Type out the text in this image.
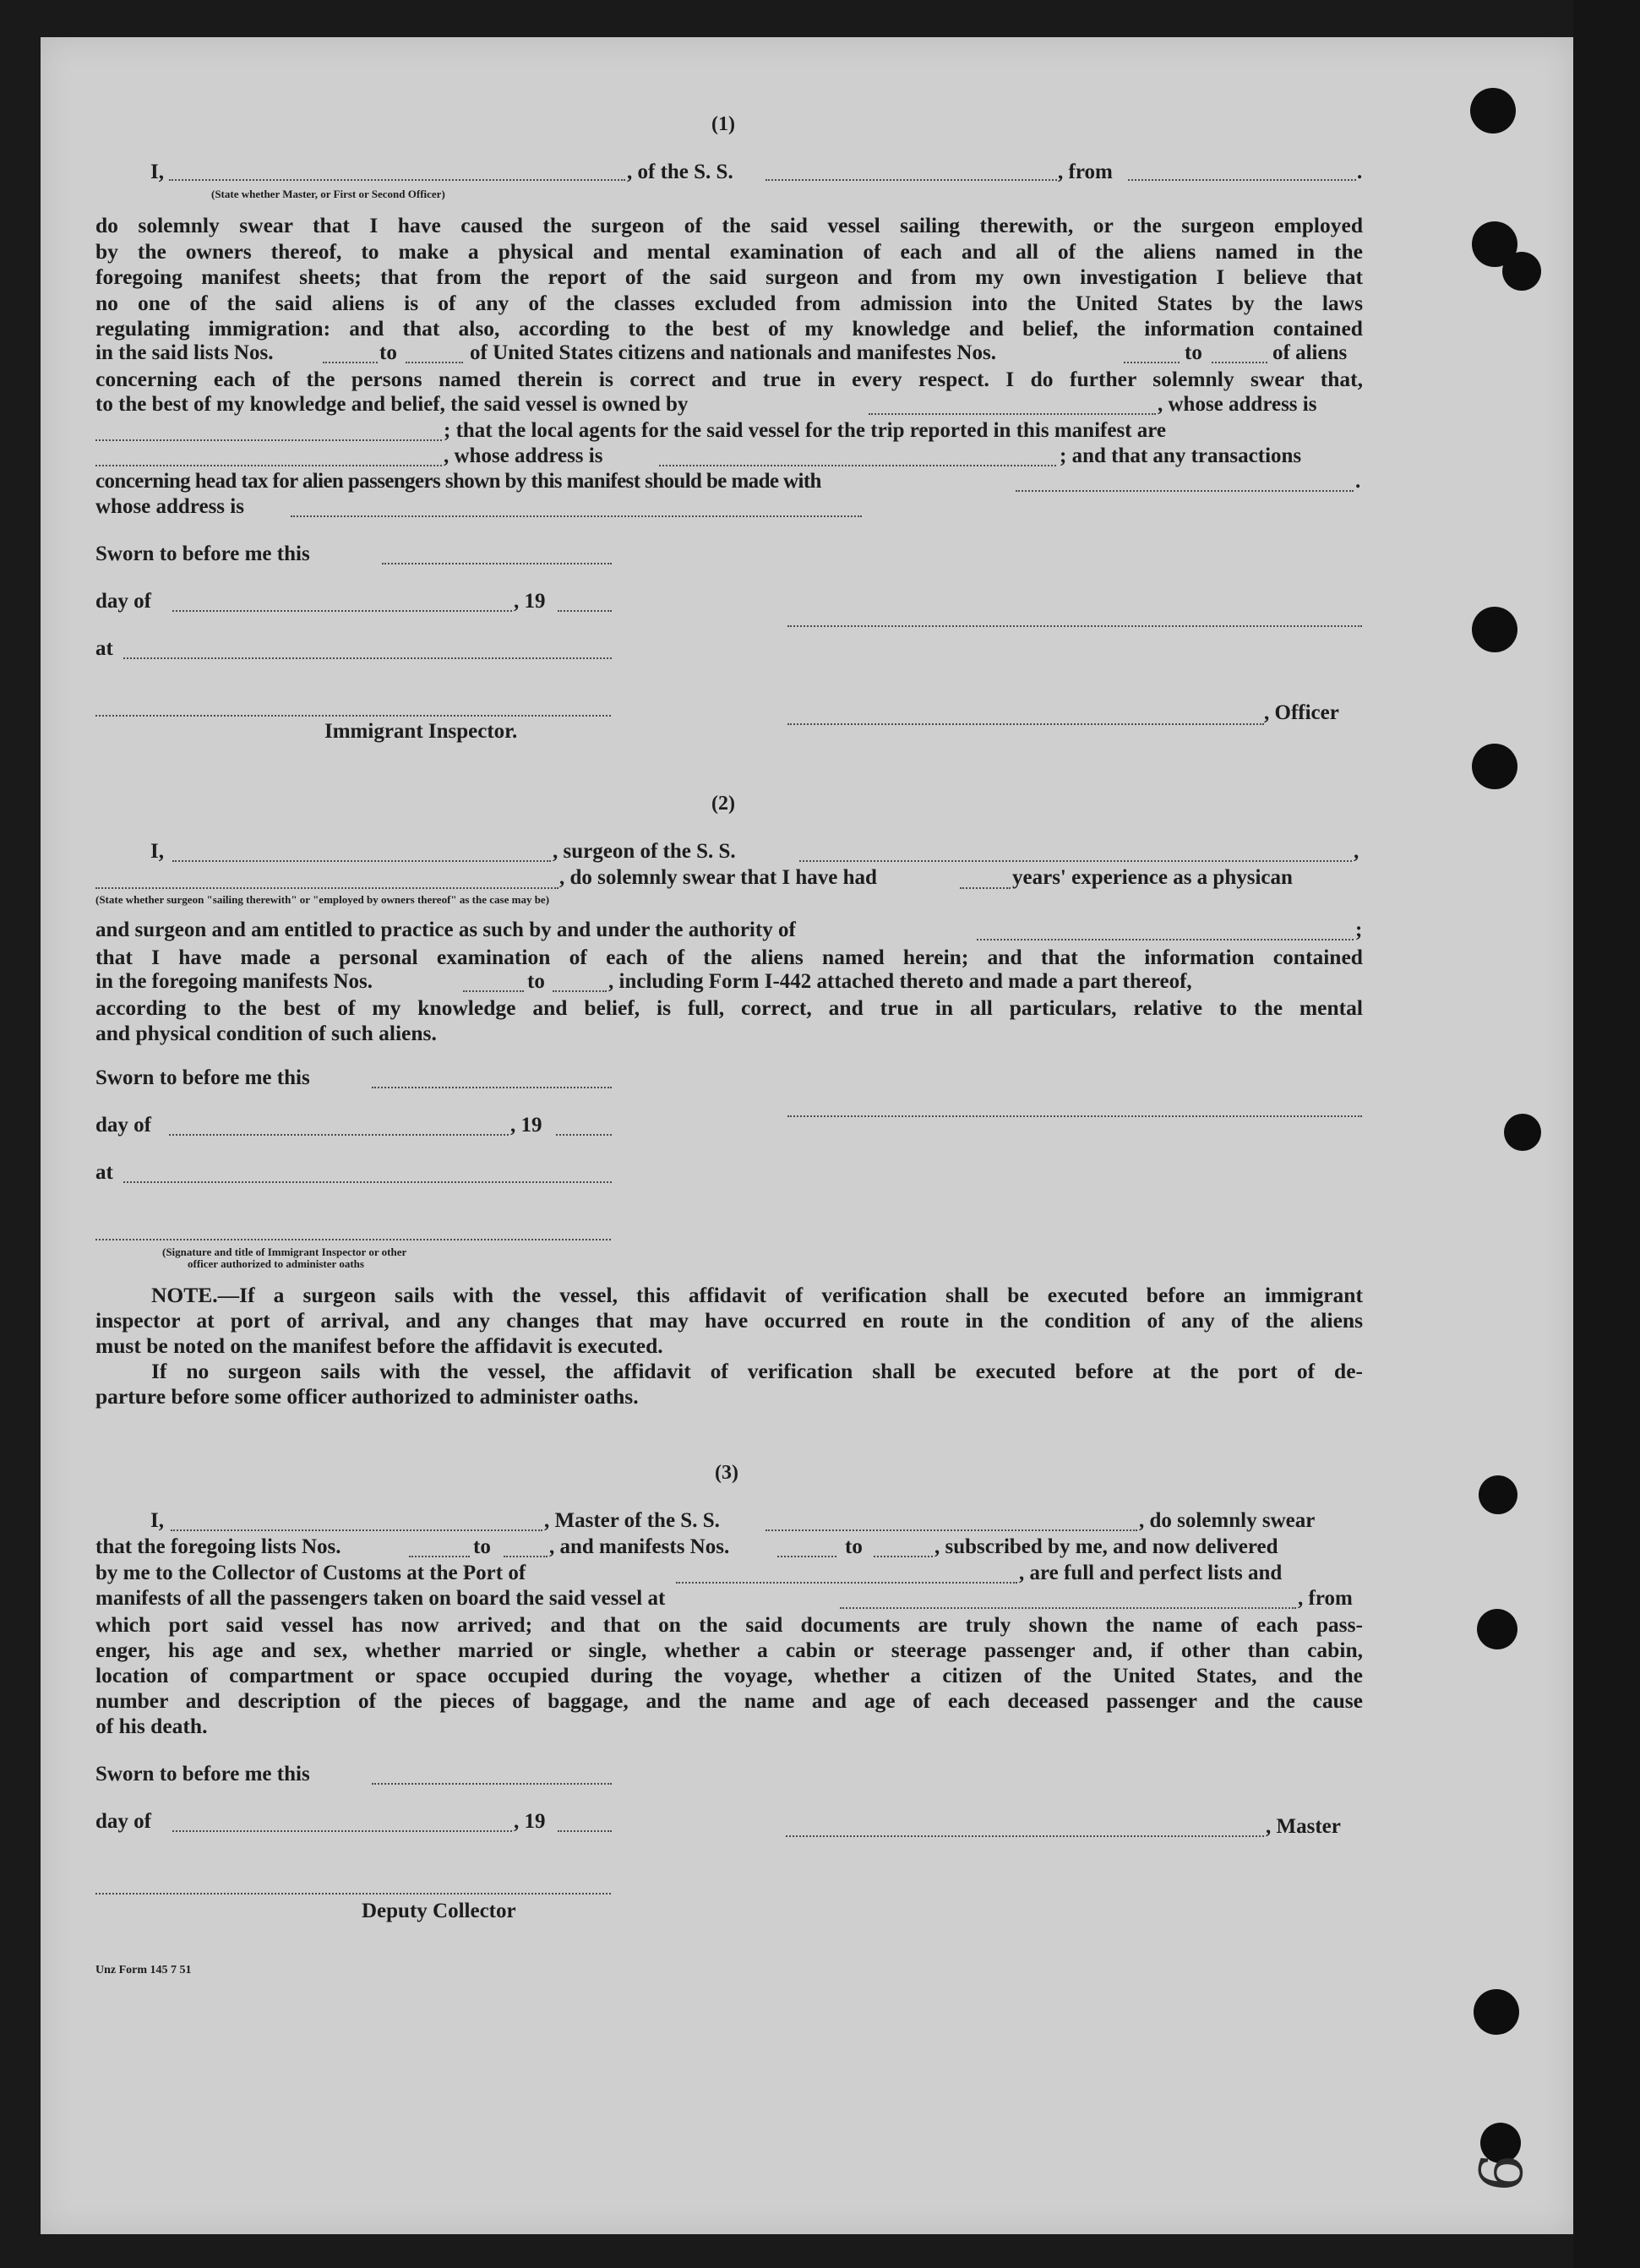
(1)
I,	, of the S. S.	, from	.
(State whether Master, or First or Second Officer)
do solemnly swear that I have caused the surgeon of the said vessel sailing therewith, or the surgeon employed
by the owners thereof, to make a physical and mental examination of each and all of the aliens named in the
foregoing manifest sheets; that from the report of the said surgeon and from my own investigation I believe that
no one of the said aliens is of any of the classes excluded from admission into the United States by the laws
regulating immigration: and that also, according to the best of my knowledge and belief, the information contained
in the said lists Nos.	to	of United States citizens and nationals and manifestes Nos.	to	of aliens
concerning each of the persons named therein is correct and true in every respect. I do further solemnly swear that,
to the best of my knowledge and belief, the said vessel is owned by	, whose address is
; that the local agents for the said vessel for the trip reported in this manifest are
, whose address is	; and that any transactions
concerning head tax for alien passengers shown by this manifest should be made with	.
whose address is
Sworn to before me this
day of	, 19
at
, Officer
Immigrant Inspector.
(2)
I,	, surgeon of the S. S.	,
, do solemnly swear that I have had	years' experience as a physican
(State whether surgeon "sailing therewith" or "employed by owners thereof" as the case may be)
and surgeon and am entitled to practice as such by and under the authority of	;
that I have made a personal examination of each of the aliens named herein; and that the information contained
in the foregoing manifests Nos.	to	, including Form I-442 attached thereto and made a part thereof,
according to the best of my knowledge and belief, is full, correct, and true in all particulars, relative to the mental
and physical condition of such aliens.
Sworn to before me this
day of	, 19
at
(Signature and title of Immigrant Inspector or other
officer authorized to administer oaths
NOTE.—If a surgeon sails with the vessel, this affidavit of verification shall be executed before an immigrant
inspector at port of arrival, and any changes that may have occurred en route in the condition of any of the aliens
must be noted on the manifest before the affidavit is executed.
If no surgeon sails with the vessel, the affidavit of verification shall be executed before at the port of de-
parture before some officer authorized to administer oaths.
(3)
I,	, Master of the S. S.	, do solemnly swear
that the foregoing lists Nos.	to	, and manifests Nos.	to	, subscribed by me, and now delivered
by me to the Collector of Customs at the Port of	, are full and perfect lists and
manifests of all the passengers taken on board the said vessel at	, from
which port said vessel has now arrived; and that on the said documents are truly shown the name of each pass-
enger, his age and sex, whether married or single, whether a cabin or steerage passenger and, if other than cabin,
location of compartment or space occupied during the voyage, whether a citizen of the United States, and the
number and description of the pieces of baggage, and the name and age of each deceased passenger and the cause
of his death.
Sworn to before me this
day of	, 19	, Master
Deputy Collector
Unz Form 145 7 51
9
